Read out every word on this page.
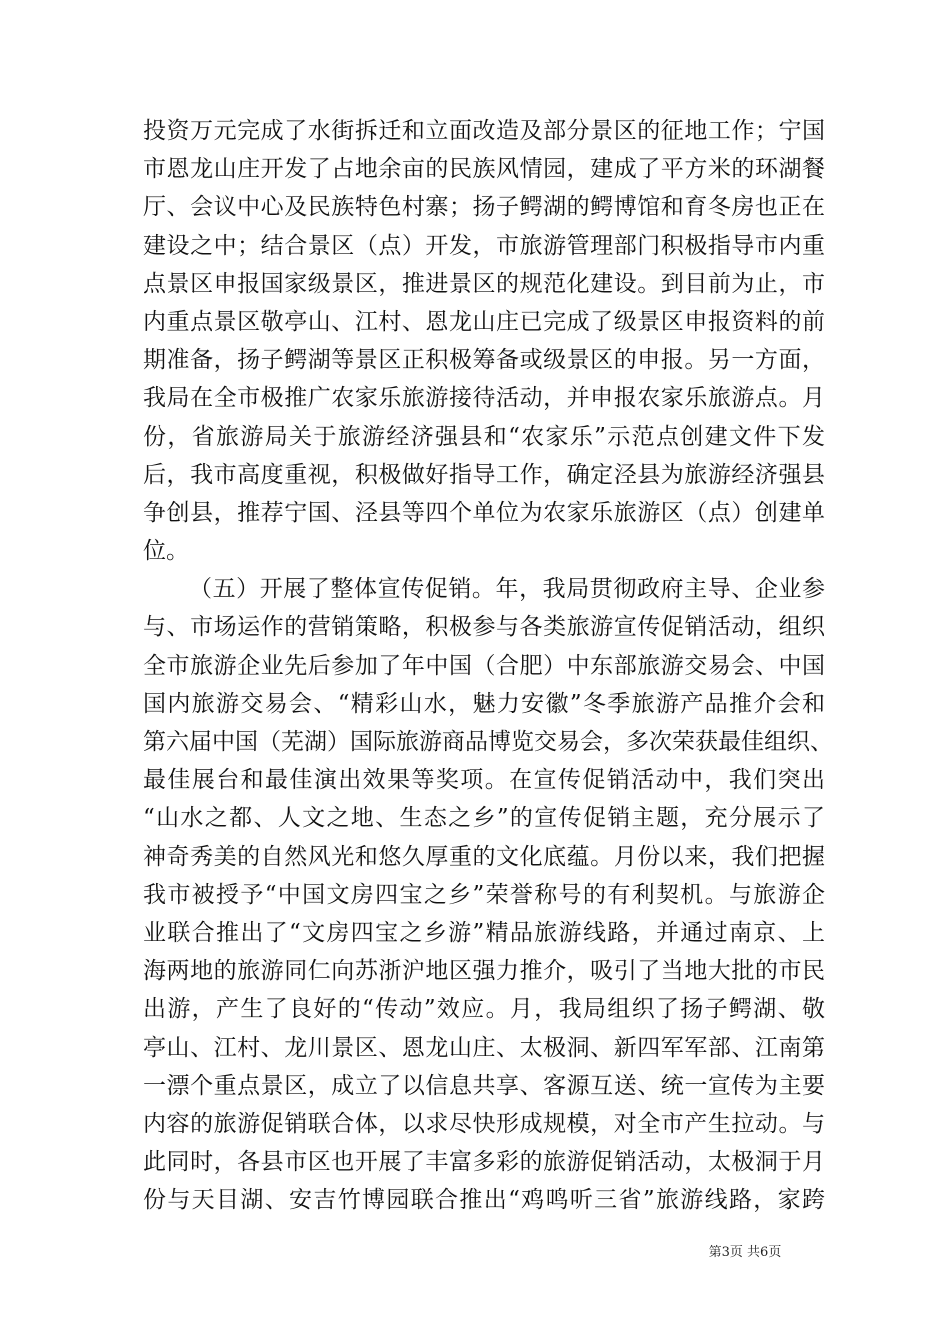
投资万元完成了水街拆迁和立面改造及部分景区的征地工作；宁国
市恩龙山庄开发了占地余亩的民族风情园，建成了平方米的环湖餐
厅、会议中心及民族特色村寨；扬子鳄湖的鳄博馆和育冬房也正在
建设之中；结合景区（点）开发，市旅游管理部门积极指导市内重
点景区申报国家级景区，推进景区的规范化建设。到目前为止，市
内重点景区敬亭山、江村、恩龙山庄已完成了级景区申报资料的前
期准备，扬子鳄湖等景区正积极筹备或级景区的申报。另一方面，
我局在全市极推广农家乐旅游接待活动，并申报农家乐旅游点。月
份，省旅游局关于旅游经济强县和“农家乐”示范点创建文件下发
后，我市高度重视，积极做好指导工作，确定泾县为旅游经济强县
争创县，推荐宁国、泾县等四个单位为农家乐旅游区（点）创建单
位。
（五）开展了整体宣传促销。年，我局贯彻政府主导、企业参
与、市场运作的营销策略，积极参与各类旅游宣传促销活动，组织
全市旅游企业先后参加了年中国（合肥）中东部旅游交易会、中国
国内旅游交易会、“精彩山水，魅力安徽”冬季旅游产品推介会和
第六届中国（芜湖）国际旅游商品博览交易会，多次荣获最佳组织、
最佳展台和最佳演出效果等奖项。在宣传促销活动中，我们突出
“山水之都、人文之地、生态之乡”的宣传促销主题，充分展示了
神奇秀美的自然风光和悠久厚重的文化底蕴。月份以来，我们把握
我市被授予“中国文房四宝之乡”荣誉称号的有利契机。与旅游企
业联合推出了“文房四宝之乡游”精品旅游线路，并通过南京、上
海两地的旅游同仁向苏浙沪地区强力推介，吸引了当地大批的市民
出游，产生了良好的“传动”效应。月，我局组织了扬子鳄湖、敬
亭山、江村、龙川景区、恩龙山庄、太极洞、新四军军部、江南第
一漂个重点景区，成立了以信息共享、客源互送、统一宣传为主要
内容的旅游促销联合体，以求尽快形成规模，对全市产生拉动。与
此同时，各县市区也开展了丰富多彩的旅游促销活动，太极洞于月
份与天目湖、安吉竹博园联合推出“鸡鸣听三省”旅游线路，家跨
第3页 共6页
